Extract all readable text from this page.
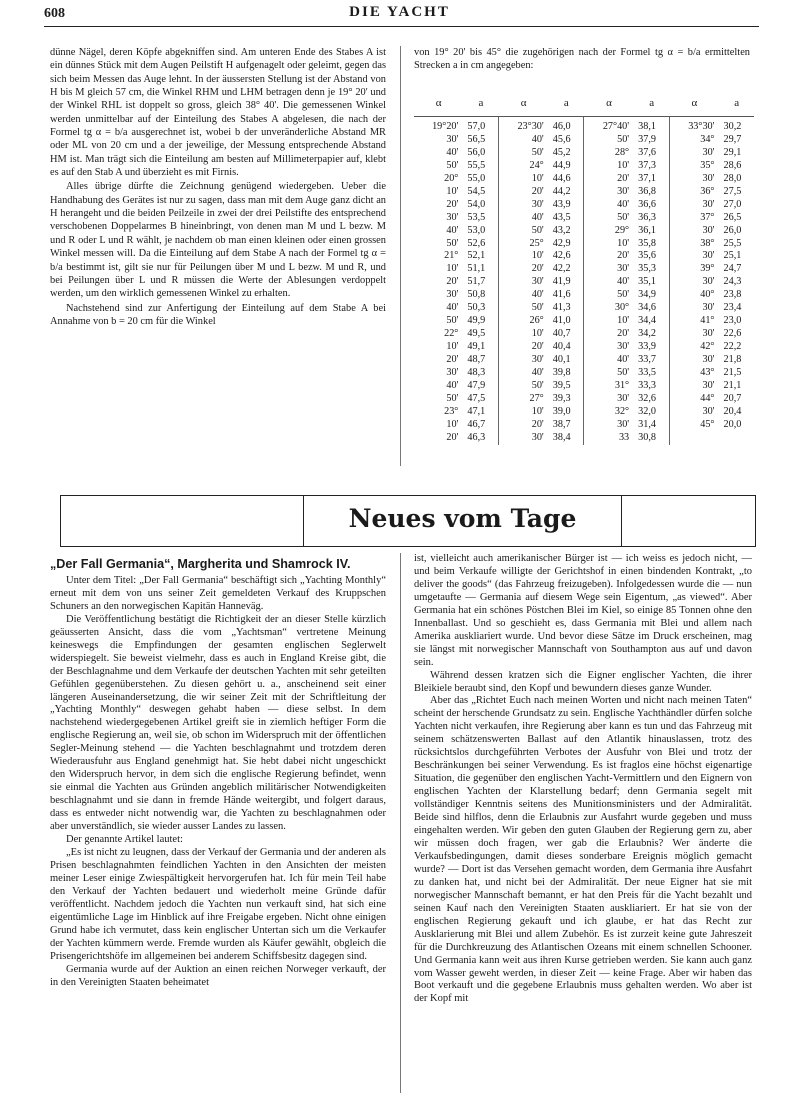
608	DIE YACHT

dünne Nägel, deren Köpfe abgekniffen sind. Am unteren Ende des Stabes A ist ein dünnes Stück mit dem Augen Peilstift H aufgenagelt oder geleimt, gegen das sich beim Messen das Auge lehnt. In der äussersten Stellung ist der Abstand von H bis M gleich 57 cm, die Winkel RHM und LHM betragen denn je 19° 20' und der Winkel RHL ist doppelt so gross, gleich 38° 40'. Die gemessenen Winkel werden unmittelbar auf der Einteilung des Stabes A abgelesen, die nach der Formel tg α = b/a ausgerechnet ist, wobei b der unveränderliche Abstand MR oder ML von 20 cm und a der jeweilige, der Messung entsprechende Abstand HM ist. Man trägt sich die Einteilung am besten auf Millimeterpapier auf, klebt es auf den Stab A und überzieht es mit Firnis.

Alles übrige dürfte die Zeichnung genügend wiedergeben. Ueber die Handhabung des Gerätes ist nur zu sagen, dass man mit dem Auge ganz dicht an H herangeht und die beiden Peilzeile in zwei der drei Peilstifte des entsprechend verschobenen Doppelarmes B hineinbringt, von denen man M und L bezw. M und R oder L und R wählt, je nachdem ob man einen kleinen oder einen grossen Winkel messen will. Da die Einteilung auf dem Stabe A nach der Formel tg α = b/a bestimmt ist, gilt sie nur für Peilungen über M und L bezw. M und R, und bei Peilungen über L und R müssen die Werte der Ablesungen verdoppelt werden, um den wirklich gemessenen Winkel zu erhalten.

Nachstehend sind zur Anfertigung der Einteilung auf dem Stabe A bei Annahme von b = 20 cm für die Winkel

von 19° 20' bis 45° die zugehörigen nach der Formel tg α = b/a ermittelten Strecken a in cm angegeben:
α	a	α	a	α	a	α	a
19°20'	57,0	23°30'	46,0	27°40'	38,1	33°30'	30,2
30'	56,5	40'	45,6	50'	37,9	34°	29,7
40'	56,0	50'	45,2	28°	37,6	30'	29,1
50'	55,5	24°	44,9	10'	37,3	35°	28,6
20°	55,0	10'	44,6	20'	37,1	30'	28,0
10'	54,5	20'	44,2	30'	36,8	36°	27,5
20'	54,0	30'	43,9	40'	36,6	30'	27,0
30'	53,5	40'	43,5	50'	36,3	37°	26,5
40'	53,0	50'	43,2	29°	36,1	30'	26,0
50'	52,6	25°	42,9	10'	35,8	38°	25,5
21°	52,1	10'	42,6	20'	35,6	30'	25,1
10'	51,1	20'	42,2	30'	35,3	39°	24,7
20'	51,7	30'	41,9	40'	35,1	30'	24,3
30'	50,8	40'	41,6	50'	34,9	40°	23,8
40'	50,3	50'	41,3	30°	34,6	30'	23,4
50'	49,9	26°	41,0	10'	34,4	41°	23,0
22°	49,5	10'	40,7	20'	34,2	30'	22,6
10'	49,1	20'	40,4	30'	33,9	42°	22,2
20'	48,7	30'	40,1	40'	33,7	30'	21,8
30'	48,3	40'	39,8	50'	33,5	43°	21,5
40'	47,9	50'	39,5	31°	33,3	30'	21,1
50'	47,5	27°	39,3	30'	32,6	44°	20,7
23°	47,1	10'	39,0	32°	32,0	30'	20,4
10'	46,7	20'	38,7	30'	31,4	45°	20,0
20'	46,3	30'	38,4	33	30,8		
Neues vom Tage
„Der Fall Germania“, Margherita und Shamrock IV.

Unter dem Titel: „Der Fall Germania“ beschäftigt sich „Yachting Monthly“ erneut mit dem von uns seiner Zeit gemeldeten Verkauf des Kruppschen Schuners an den norwegischen Kapitän Hanneväg.

Die Veröffentlichung bestätigt die Richtigkeit der an dieser Stelle kürzlich geäusserten Ansicht, dass die vom „Yachtsman“ vertretene Meinung keineswegs die Empfindungen der gesamten englischen Seglerwelt widerspiegelt. Sie beweist vielmehr, dass es auch in England Kreise gibt, die der Beschlagnahme und dem Verkaufe der deutschen Yachten mit sehr geteilten Gefühlen gegenüberstehen. Zu diesen gehört u. a., anscheinend seit einer längeren Auseinandersetzung, die wir seiner Zeit mit der Schriftleitung der „Yachting Monthly“ deswegen gehabt haben — diese selbst. In dem nachstehend wiedergegebenen Artikel greift sie in ziemlich heftiger Form die englische Regierung an, weil sie, ob schon im Widerspruch mit der öffentlichen Segler-Meinung stehend — die Yachten beschlagnahmt und trotzdem deren Wiederausfuhr aus England genehmigt hat. Sie hebt dabei nicht ungeschickt den Widerspruch hervor, in dem sich die englische Regierung befindet, wenn sie einmal die Yachten aus Gründen angeblich militärischer Notwendigkeiten beschlagnahmt und sie dann in fremde Hände weitergibt, und folgert daraus, dass es entweder nicht notwendig war, die Yachten zu beschlagnahmen oder aber unverständlich, sie wieder ausser Landes zu lassen.

Der genannte Artikel lautet:

„Es ist nicht zu leugnen, dass der Verkauf der Germania und der anderen als Prisen beschlagnahmten feindlichen Yachten in den Ansichten der meisten meiner Leser einige Zwiespältigkeit hervorgerufen hat. Ich für mein Teil habe den Verkauf der Yachten bedauert und wiederholt meine Gründe dafür veröffentlicht. Nachdem jedoch die Yachten nun verkauft sind, hat sich eine eigentümliche Lage im Hinblick auf ihre Freigabe ergeben. Nicht ohne einigen Grund habe ich vermutet, dass kein englischer Untertan sich um die Verkaufer der Yachten kümmern werde. Fremde wurden als Käufer gewählt, obgleich die Prisengerichtshöfe im allgemeinen bei anderem Schiffsbesitz dagegen sind.

Germania wurde auf der Auktion an einen reichen Norweger verkauft, der in den Vereinigten Staaten beheimatet

ist, vielleicht auch amerikanischer Bürger ist — ich weiss es jedoch nicht, — und beim Verkaufe willigte der Gerichtshof in einen bindenden Kontrakt, „to deliver the goods“ (das Fahrzeug freizugeben). Infolgedessen wurde die — nun umgetaufte — Germania auf diesem Wege sein Eigentum, „as viewed“. Aber Germania hat ein schönes Pöstchen Blei im Kiel, so einige 85 Tonnen ohne den Innenballast. Und so geschieht es, dass Germania mit Blei und allem nach Amerika auskliariert wurde. Und bevor diese Sätze im Druck erscheinen, mag sie längst mit norwegischer Mannschaft von Southampton aus auf und davon sein.

Während dessen kratzen sich die Eigner englischer Yachten, die ihrer Bleikiele beraubt sind, den Kopf und bewundern dieses ganze Wunder.

Aber das „Richtet Euch nach meinen Worten und nicht nach meinen Taten“ scheint der herschende Grundsatz zu sein. Englische Yachthändler dürfen solche Yachten nicht verkaufen, ihre Regierung aber kann es tun und das Fahrzeug mit seinem schätzenswerten Ballast auf den Atlantik hinauslassen, trotz des rücksichtslos durchgeführten Verbotes der Ausfuhr von Blei und trotz der Beschränkungen bei seiner Verwendung. Es ist fraglos eine höchst eigenartige Situation, die gegenüber den englischen Yacht-Vermittlern und den Eignern von englischen Yachten der Klarstellung bedarf; denn Germania segelt mit vollständiger Kenntnis seitens des Munitionsministers und der Admiralität. Beide sind hilflos, denn die Erlaubnis zur Ausfahrt wurde gegeben und muss eingehalten werden. Wir geben den guten Glauben der Regierung gern zu, aber wir müssen doch fragen, wer gab die Erlaubnis? Wer änderte die Verkaufsbedingungen, damit dieses sonderbare Ereignis möglich gemacht wurde? — Dort ist das Versehen gemacht worden, dem Germania ihre Ausfahrt zu danken hat, und nicht bei der Admiralität. Der neue Eigner hat sie mit norwegischer Mannschaft bemannt, er hat den Preis für die Yacht bezahlt und seinen Kauf nach den Vereinigten Staaten auskliariert. Er hat sie von der englischen Regierung gekauft und ich glaube, er hat das Recht zur Ausklarierung mit Blei und allem Zubehör. Es ist zurzeit keine gute Jahreszeit für die Durchkreuzung des Atlantischen Ozeans mit einem schnellen Schooner. Und Germania kann weit aus ihren Kurse getrieben werden. Sie kann auch ganz vom Wasser geweht werden, in dieser Zeit — keine Frage. Aber wir haben das Boot verkauft und die gegebene Erlaubnis muss gehalten werden. Wo aber ist der Kopf mit
